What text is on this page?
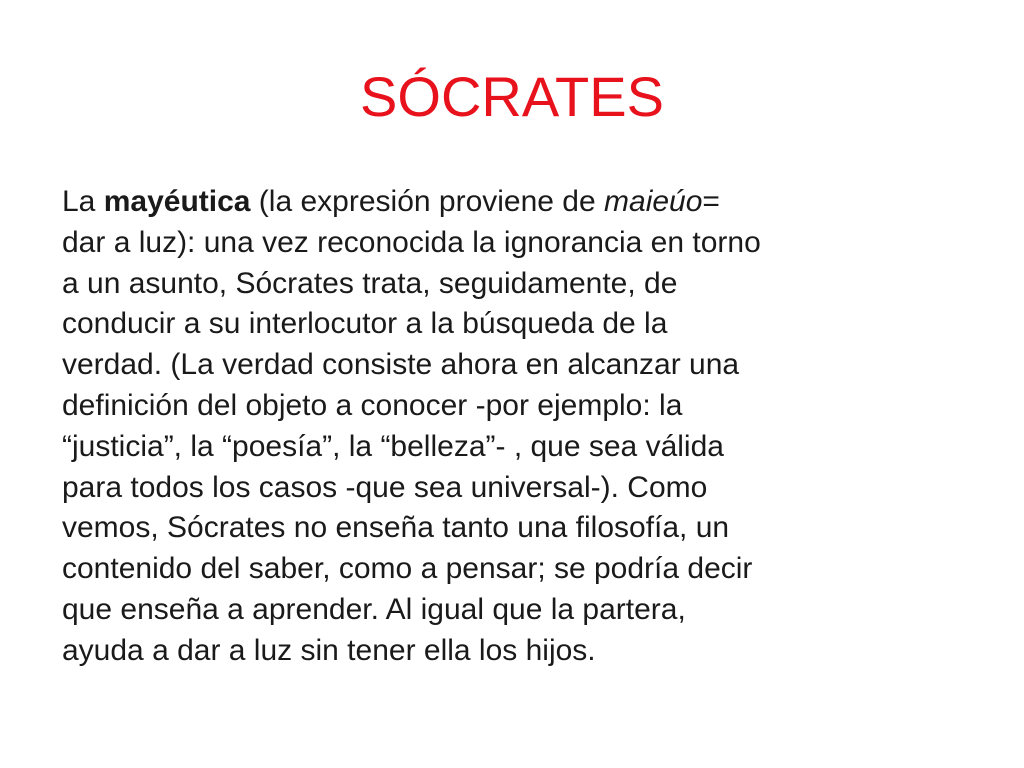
SÓCRATES
La mayéutica (la expresión proviene de maieúo=
dar a luz): una vez reconocida la ignorancia en torno
a un asunto, Sócrates trata, seguidamente, de
conducir a su interlocutor a la búsqueda de la
verdad. (La verdad consiste ahora en alcanzar una
definición del objeto a conocer -por ejemplo: la
“justicia”, la “poesía”, la “belleza”- , que sea válida
para todos los casos -que sea universal-). Como
vemos, Sócrates no enseña tanto una filosofía, un
contenido del saber, como a pensar; se podría decir
que enseña a aprender. Al igual que la partera,
ayuda a dar a luz sin tener ella los hijos.
